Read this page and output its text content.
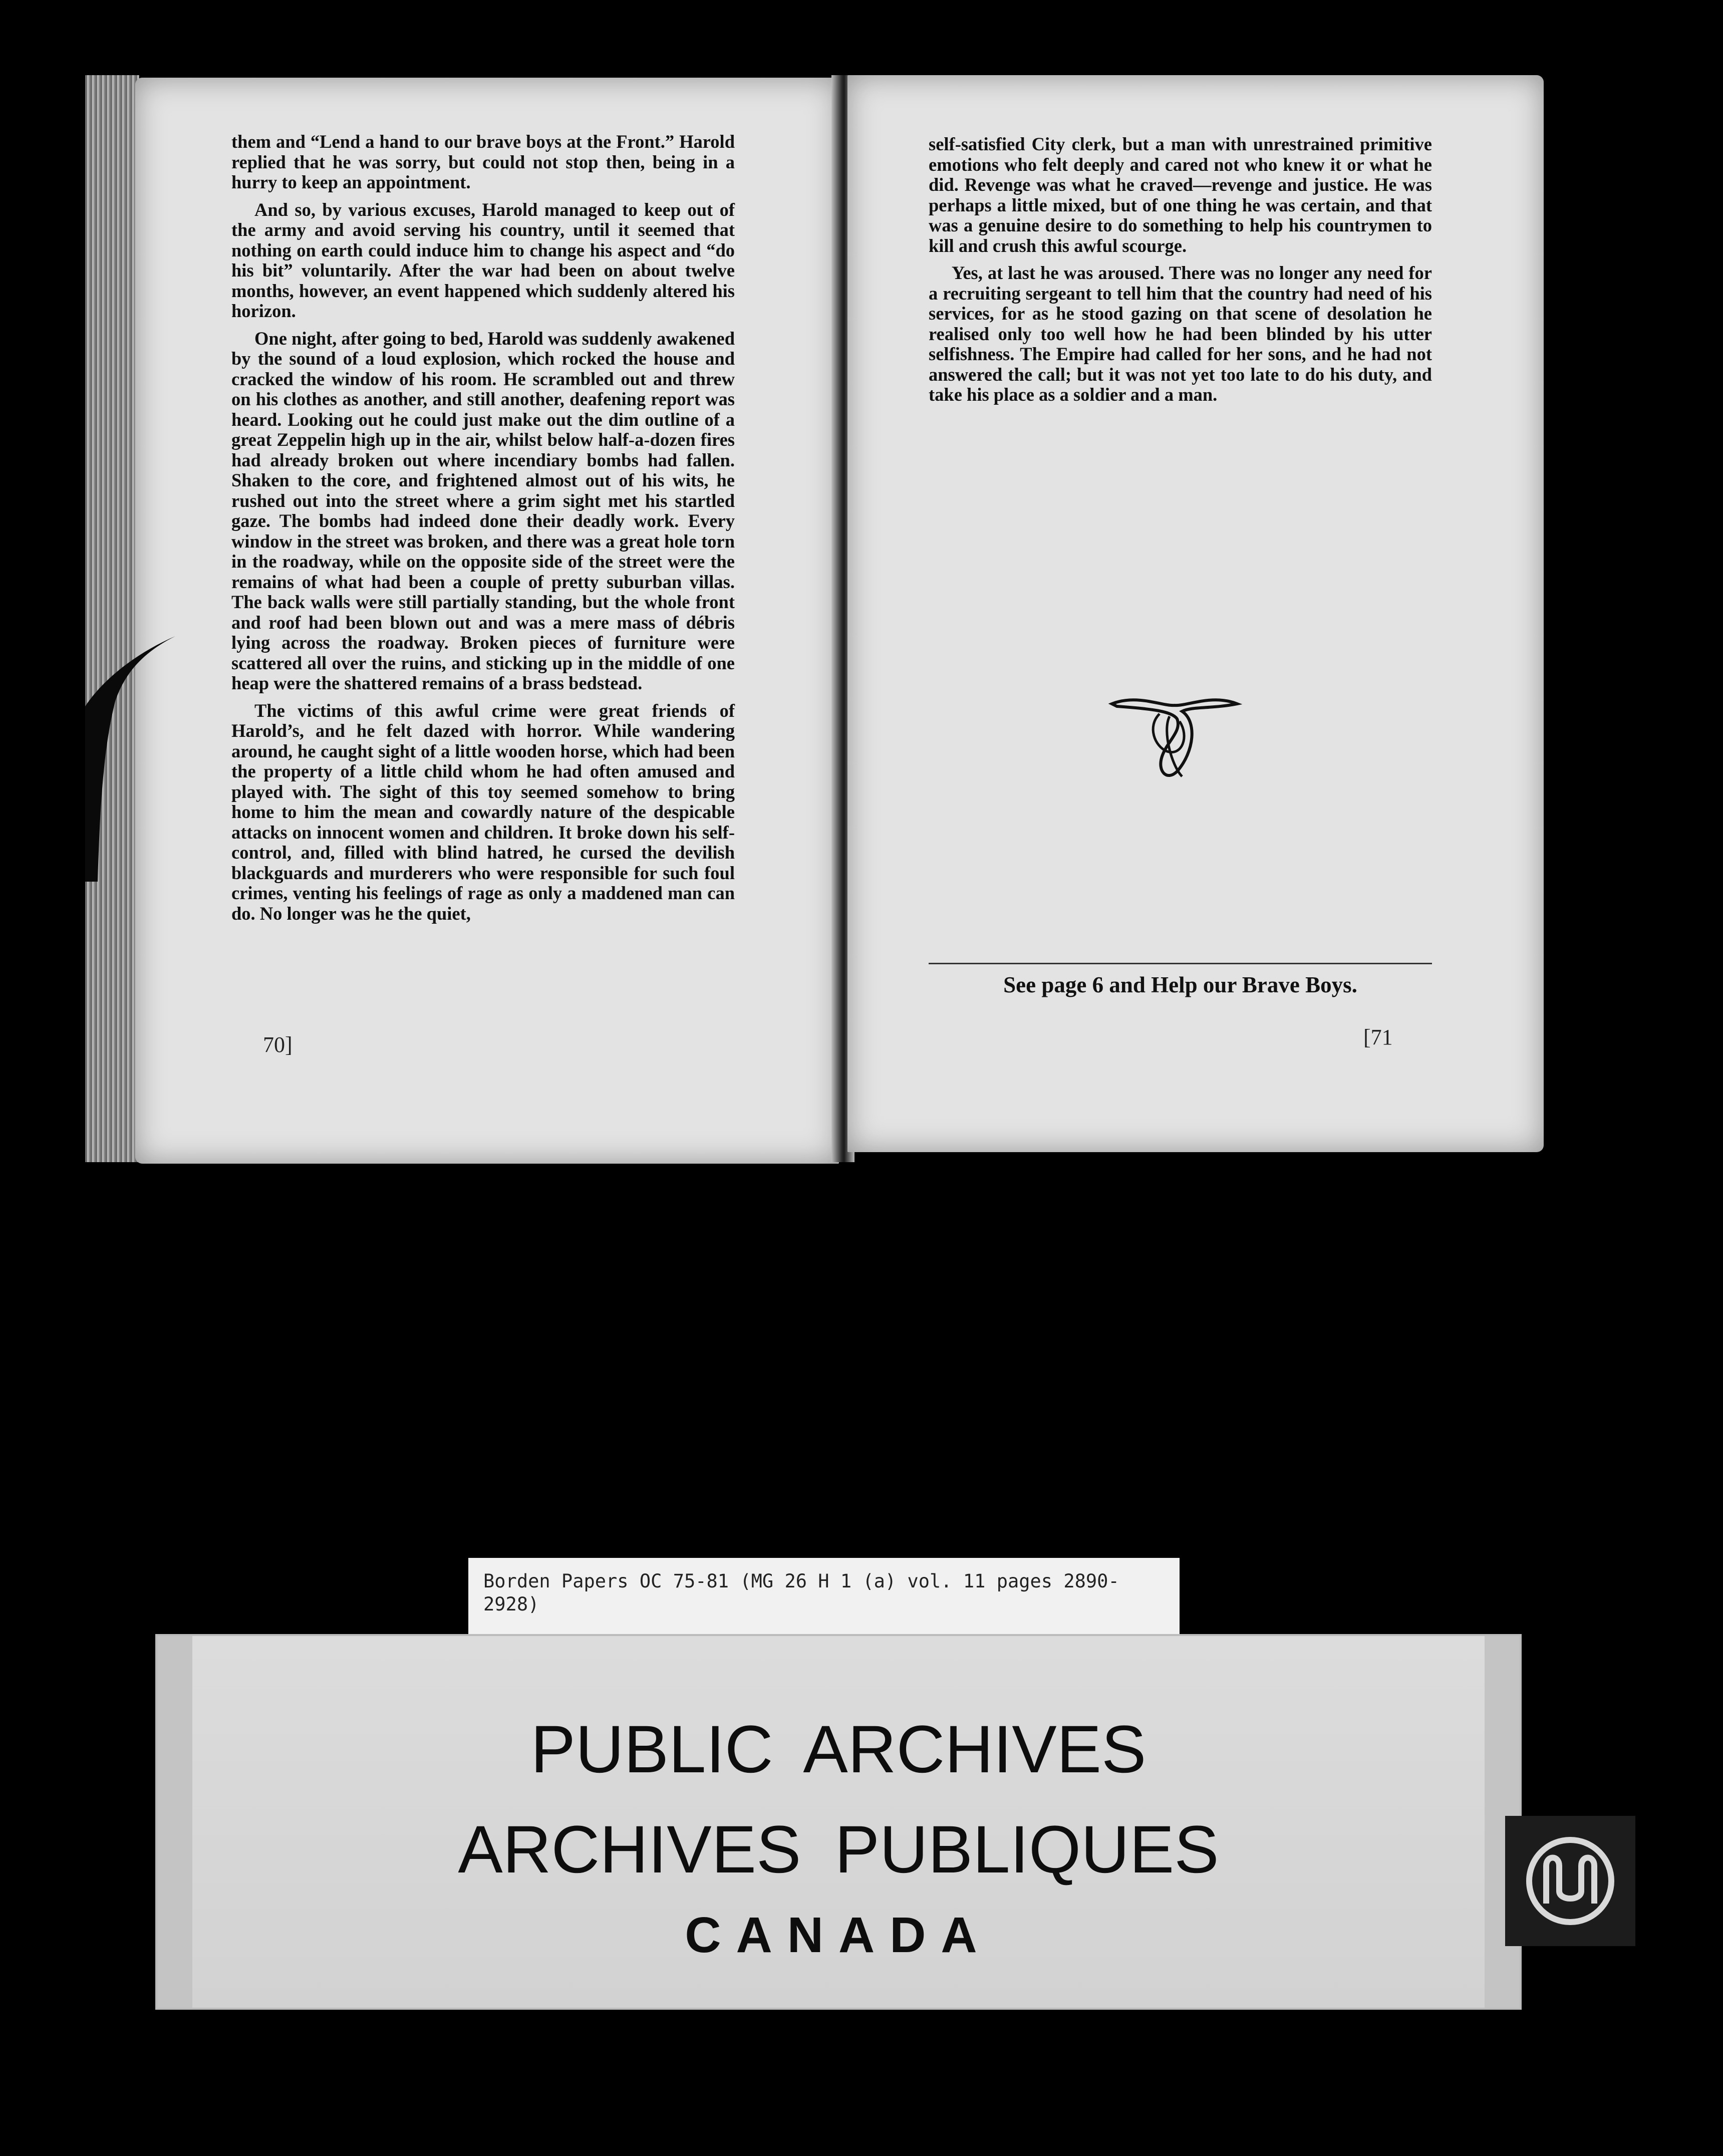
them and “Lend a hand to our brave boys at the Front.” Harold replied that he was sorry, but could not stop then, being in a hurry to keep an appointment.

And so, by various excuses, Harold managed to keep out of the army and avoid serving his country, until it seemed that nothing on earth could induce him to change his aspect and “do his bit” voluntarily. After the war had been on about twelve months, however, an event happened which suddenly altered his horizon.

One night, after going to bed, Harold was suddenly awakened by the sound of a loud explosion, which rocked the house and cracked the window of his room. He scrambled out and threw on his clothes as another, and still another, deafening report was heard. Looking out he could just make out the dim outline of a great Zeppelin high up in the air, whilst below half-a-dozen fires had already broken out where incendiary bombs had fallen. Shaken to the core, and frightened almost out of his wits, he rushed out into the street where a grim sight met his startled gaze. The bombs had indeed done their deadly work. Every window in the street was broken, and there was a great hole torn in the roadway, while on the opposite side of the street were the remains of what had been a couple of pretty suburban villas. The back walls were still partially standing, but the whole front and roof had been blown out and was a mere mass of débris lying across the roadway. Broken pieces of furniture were scattered all over the ruins, and sticking up in the middle of one heap were the shattered remains of a brass bedstead.

The victims of this awful crime were great friends of Harold’s, and he felt dazed with horror. While wandering around, he caught sight of a little wooden horse, which had been the property of a little child whom he had often amused and played with. The sight of this toy seemed somehow to bring home to him the mean and cowardly nature of the despicable attacks on innocent women and children. It broke down his self-control, and, filled with blind hatred, he cursed the devilish blackguards and murderers who were responsible for such foul crimes, venting his feelings of rage as only a maddened man can do. No longer was he the quiet,

70]

self-satisfied City clerk, but a man with unrestrained primitive emotions who felt deeply and cared not who knew it or what he did. Revenge was what he craved—revenge and justice. He was perhaps a little mixed, but of one thing he was certain, and that was a genuine desire to do something to help his countrymen to kill and crush this awful scourge.

Yes, at last he was aroused. There was no longer any need for a recruiting sergeant to tell him that the country had need of his services, for as he stood gazing on that scene of desolation he realised only too well how he had been blinded by his utter selfishness. The Empire had called for her sons, and he had not answered the call; but it was not yet too late to do his duty, and take his place as a soldier and a man.

See page 6 and Help our Brave Boys.
[71
Borden Papers OC 75-81 (MG 26 H 1 (a) vol. 11 pages 2890-
2928)
PUBLIC ARCHIVES
ARCHIVES PUBLIQUES
CANADA
